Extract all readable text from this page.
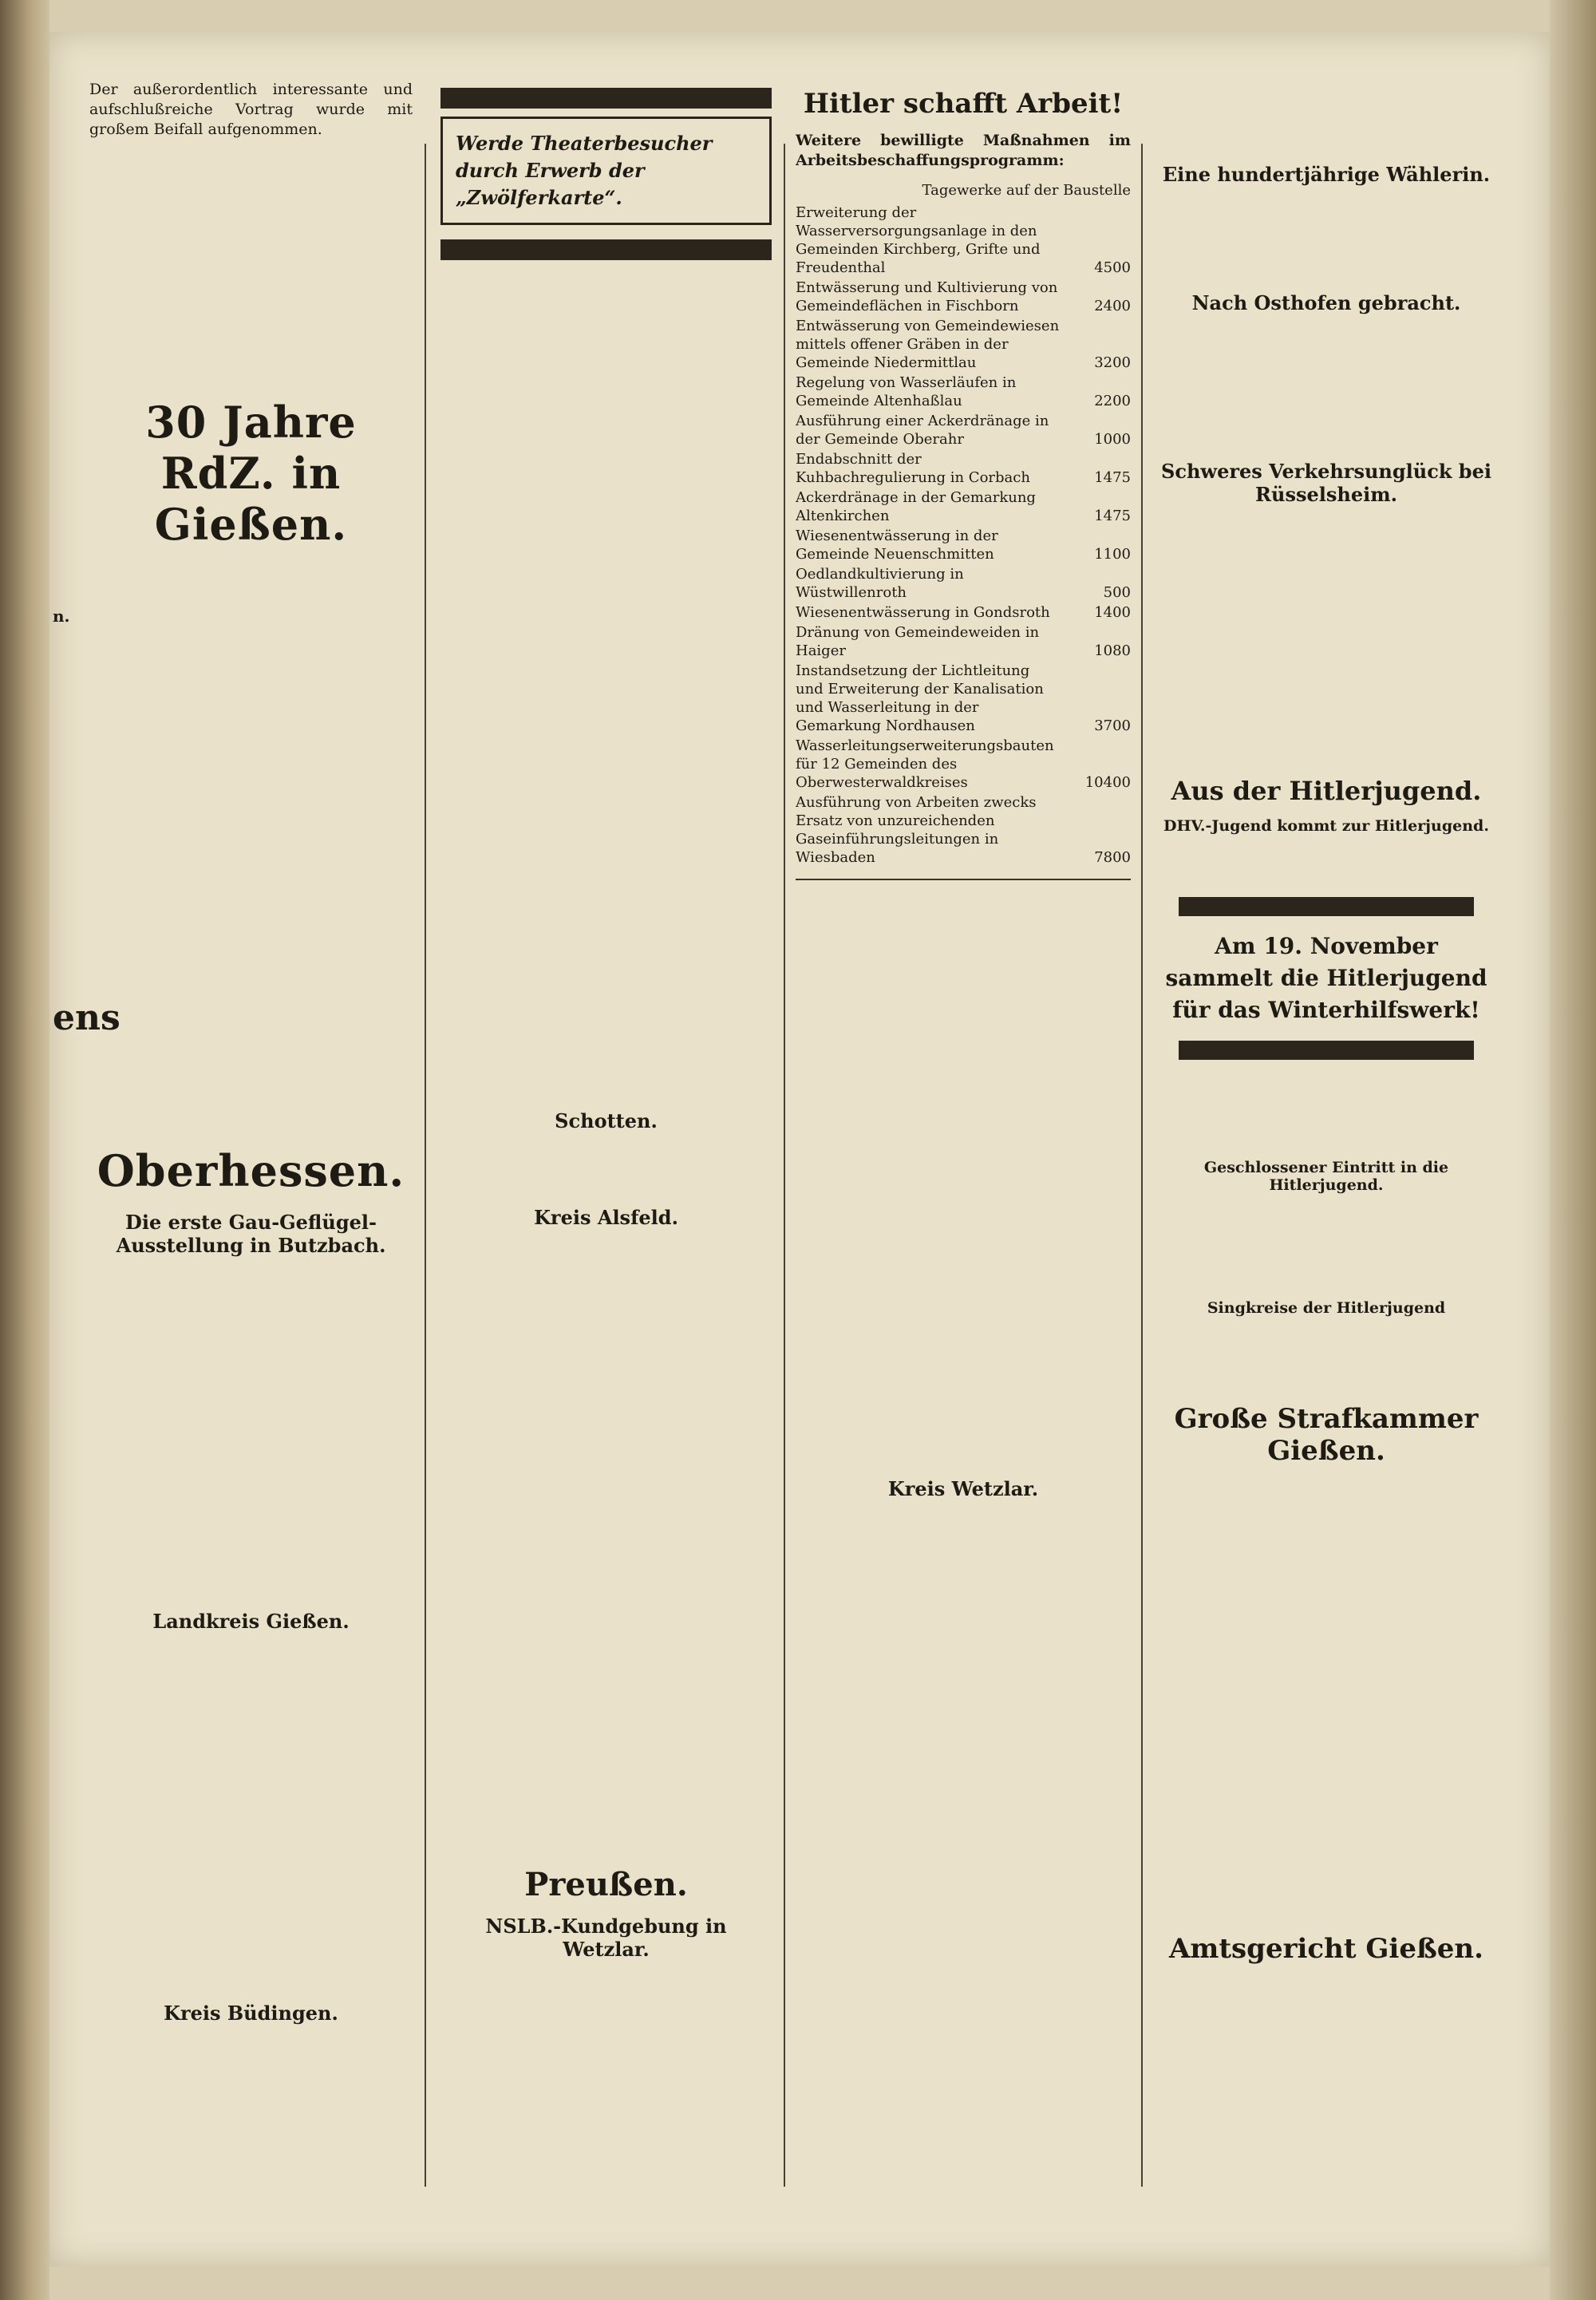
n.
ens

Der außerordentlich interessante und aufschlußreiche Vortrag wurde mit großem Beifall aufgenommen.

30 Jahre RdZ. in Gießen.
Oberhessen.
Die erste Gau-Geflügel-Ausstellung in Butzbach.
Landkreis Gießen.
Kreis Büdingen.
Werde Theaterbesucher durch Erwerb der „Zwölferkarte“.
Schotten.
Kreis Alsfeld.
Preußen.
NSLB.-Kundgebung in Wetzlar.
Hitler schafft Arbeit!

Weitere bewilligte Maßnahmen im Arbeitsbeschaffungsprogramm:

Tagewerke auf der Baustelle
Erweiterung der Wasserversorgungsanlage in den Gemeinden Kirchberg, Grifte und Freudenthal	4500
Entwässerung und Kultivierung von Gemeindeflächen in Fischborn	2400
Entwässerung von Gemeindewiesen mittels offener Gräben in der Gemeinde Niedermittlau	3200
Regelung von Wasserläufen in Gemeinde Altenhaßlau	2200
Ausführung einer Ackerdränage in der Gemeinde Oberahr	1000
Endabschnitt der Kuhbachregulierung in Corbach	1475
Ackerdränage in der Gemarkung Altenkirchen	1475
Wiesenentwässerung in der Gemeinde Neuenschmitten	1100
Oedlandkultivierung in Wüstwillenroth	500
Wiesenentwässerung in Gondsroth	1400
Dränung von Gemeindeweiden in Haiger	1080
Instandsetzung der Lichtleitung und Erweiterung der Kanalisation und Wasserleitung in der Gemarkung Nordhausen	3700
Wasserleitungserweiterungsbauten für 12 Gemeinden des Oberwesterwaldkreises	10400
Ausführung von Arbeiten zwecks Ersatz von unzureichenden Gaseinführungsleitungen in Wiesbaden	7800
Kreis Wetzlar.
Eine hundertjährige Wählerin.
Nach Osthofen gebracht.
Schweres Verkehrsunglück bei Rüsselsheim.
Aus der Hitlerjugend.
DHV.-Jugend kommt zur Hitlerjugend.
Am 19. November sammelt die Hitlerjugend für das Winterhilfswerk!
Geschlossener Eintritt in die Hitlerjugend.
Singkreise der Hitlerjugend
Große Strafkammer Gießen.
Amtsgericht Gießen.
